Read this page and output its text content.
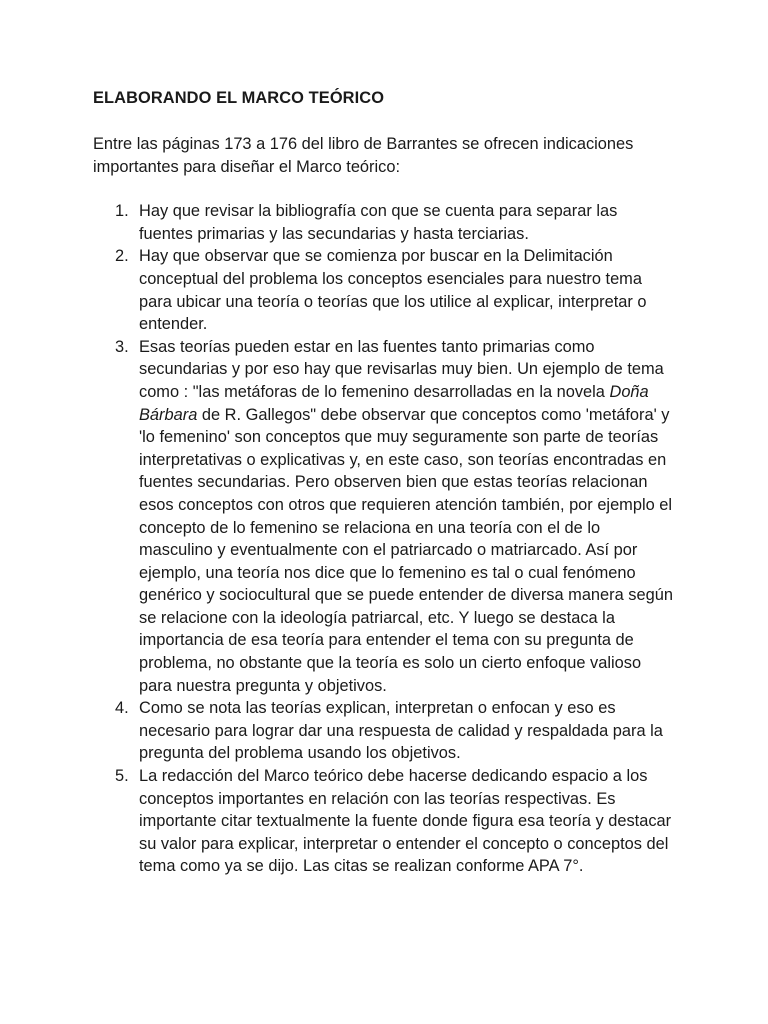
ELABORANDO EL MARCO TEÓRICO

Entre las páginas 173 a 176 del libro de Barrantes se ofrecen indicaciones importantes para diseñar el Marco teórico:

1. Hay que revisar la bibliografía con que se cuenta para separar las fuentes primarias y las secundarias y hasta terciarias.
2. Hay que observar que se comienza por buscar en la Delimitación conceptual del problema los conceptos esenciales para nuestro tema para ubicar una teoría o teorías que los utilice al explicar, interpretar o entender.
3. Esas teorías pueden estar en las fuentes tanto primarias como secundarias y por eso hay que revisarlas muy bien. Un ejemplo de tema como : "las metáforas de lo femenino desarrolladas en la novela Doña Bárbara de R. Gallegos" debe observar que conceptos como 'metáfora' y 'lo femenino' son conceptos que muy seguramente son parte de teorías interpretativas o explicativas y, en este caso, son teorías encontradas en fuentes secundarias. Pero observen bien que estas teorías relacionan esos conceptos con otros que requieren atención también, por ejemplo el concepto de lo femenino se relaciona en una teoría con el de lo masculino y eventualmente con el patriarcado o matriarcado. Así por ejemplo, una teoría nos dice que lo femenino es tal o cual fenómeno genérico y sociocultural que se puede entender de diversa manera según se relacione con la ideología patriarcal, etc. Y luego se destaca la importancia de esa teoría para entender el tema con su pregunta de problema, no obstante que la teoría es solo un cierto enfoque valioso para nuestra pregunta y objetivos.
4. Como se nota las teorías explican, interpretan o enfocan y eso es necesario para lograr dar una respuesta de calidad y respaldada para la pregunta del problema usando los objetivos.
5. La redacción del Marco teórico debe hacerse dedicando espacio a los conceptos importantes en relación con las teorías respectivas. Es importante citar textualmente la fuente donde figura esa teoría y destacar su valor para explicar, interpretar o entender el concepto o conceptos del tema como ya se dijo. Las citas se realizan conforme APA 7°.
